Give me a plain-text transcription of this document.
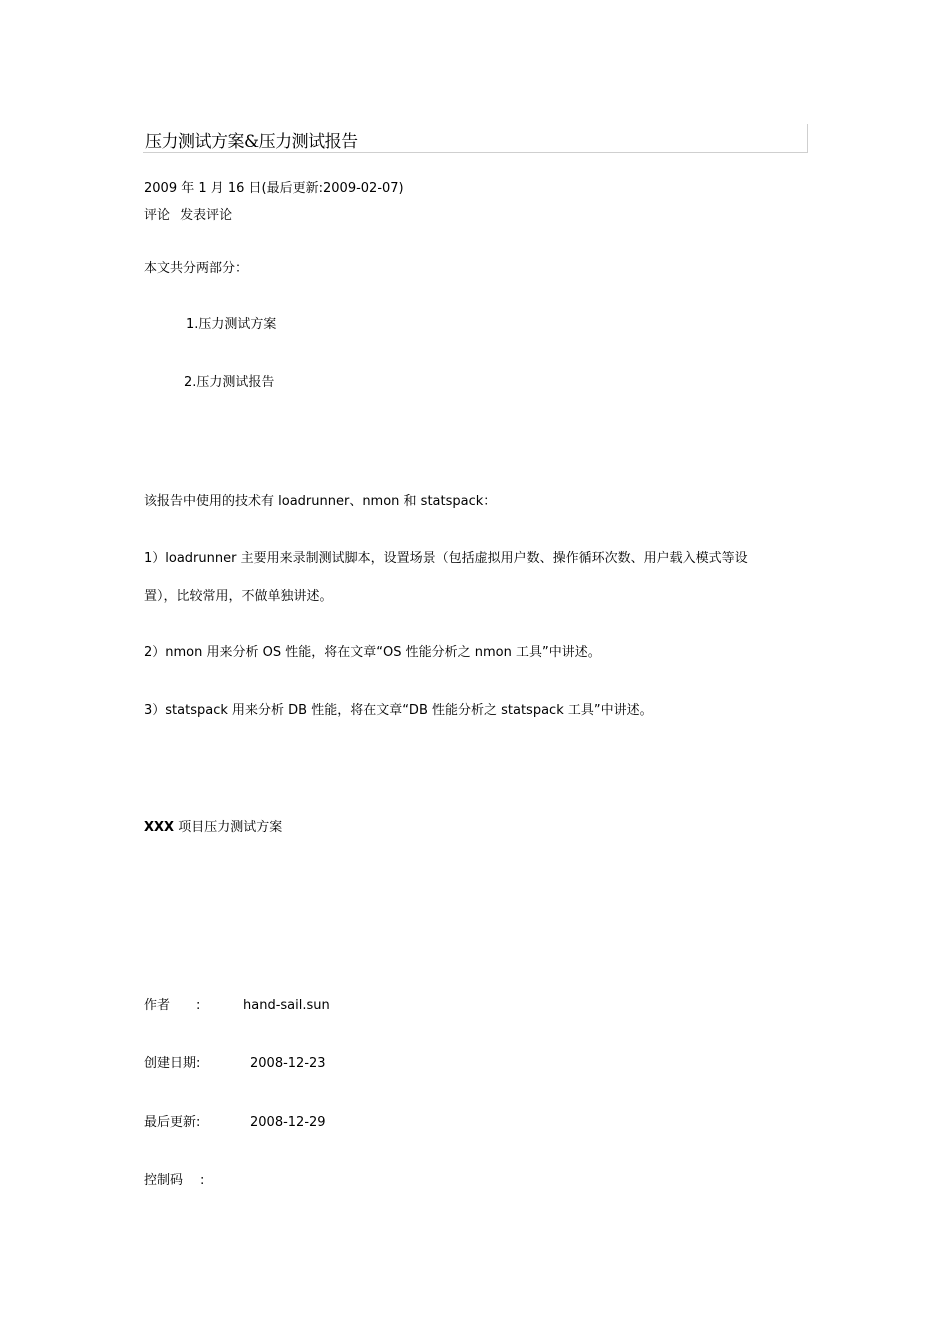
压力测试方案&压力测试报告
2009 年 1 月 16 日(最后更新:2009-02-07)
评论 发表评论
本文共分两部分：
1.压力测试方案
2.压力测试报告
该报告中使用的技术有 loadrunner、nmon 和 statspack：
1）loadrunner 主要用来录制测试脚本，设置场景（包括虚拟用户数、操作循环次数、用户载入模式等设
置），比较常用，不做单独讲述。
2）nmon 用来分析 OS 性能，将在文章“OS 性能分析之 nmon 工具”中讲述。
3）statspack 用来分析 DB 性能，将在文章“DB 性能分析之 statspack 工具”中讲述。
XXX 项目压力测试方案
作者 :	hand-sail.sun
创建日期:	2008-12-23
最后更新:	2008-12-29
控制码 :
